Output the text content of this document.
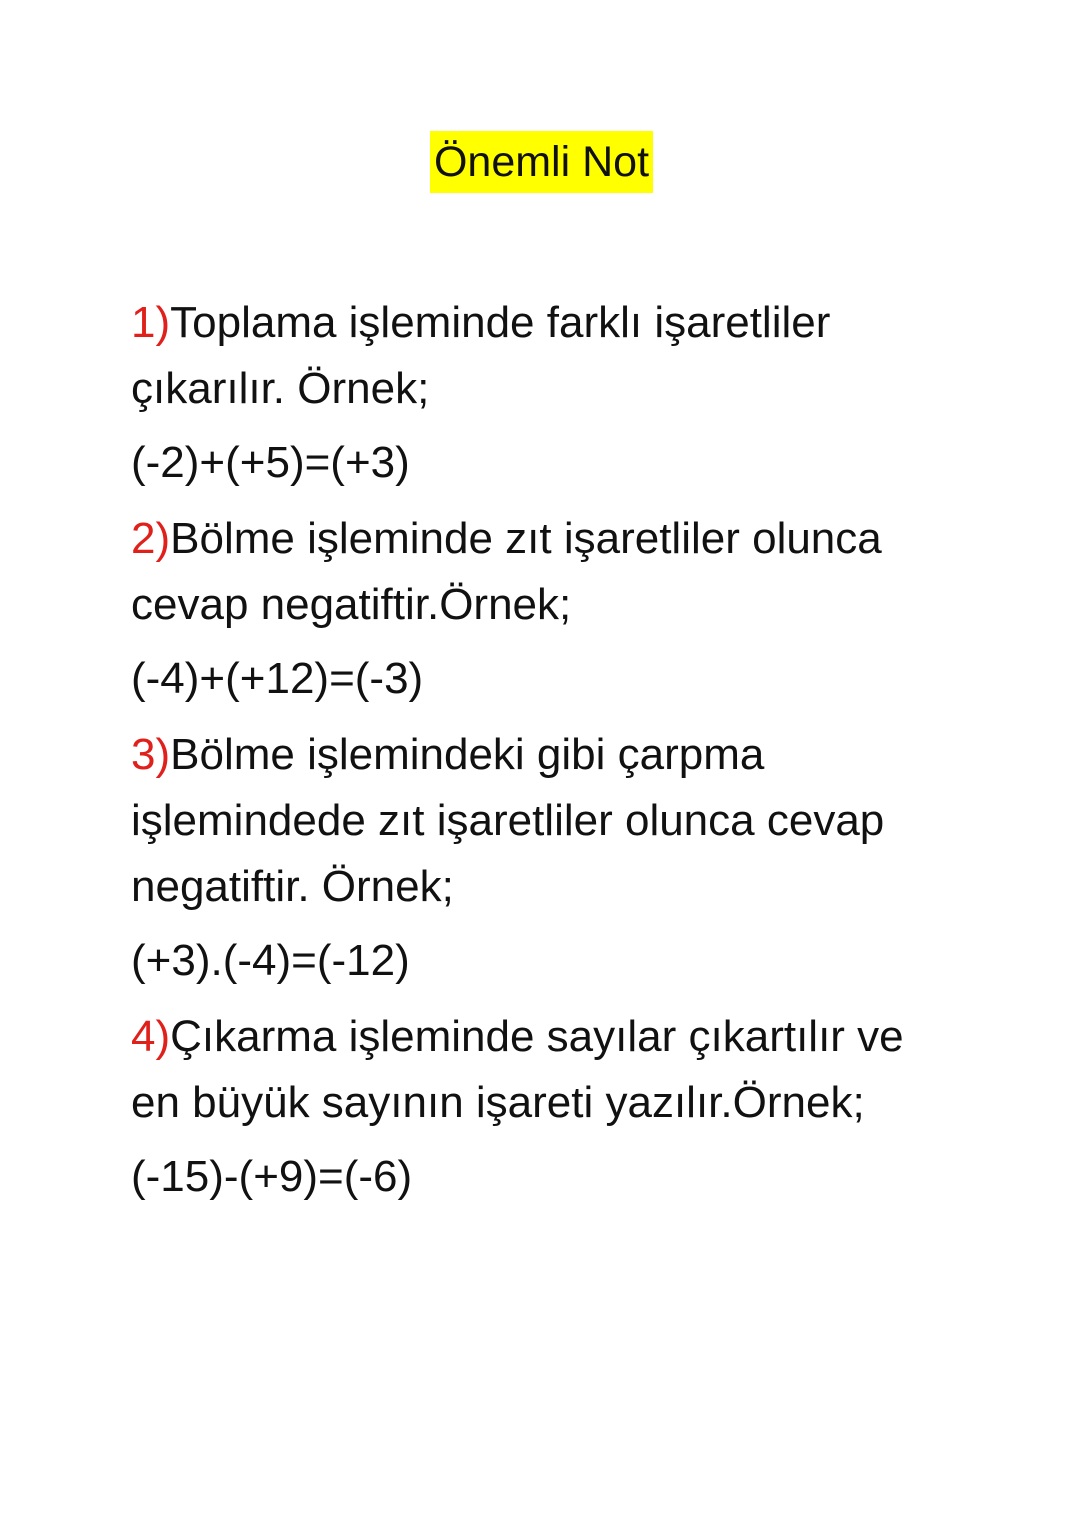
Önemli Not
1)Toplama işleminde farklı işaretliler çıkarılır. Örnek;
(-2)+(+5)=(+3)
2)Bölme işleminde zıt işaretliler olunca cevap negatiftir.Örnek;
(-4)+(+12)=(-3)
3)Bölme işlemindeki gibi çarpma işlemindede zıt işaretliler olunca cevap negatiftir. Örnek;
(+3).(-4)=(-12)
4)Çıkarma işleminde sayılar çıkartılır ve en büyük sayının işareti yazılır.Örnek;
(-15)-(+9)=(-6)
